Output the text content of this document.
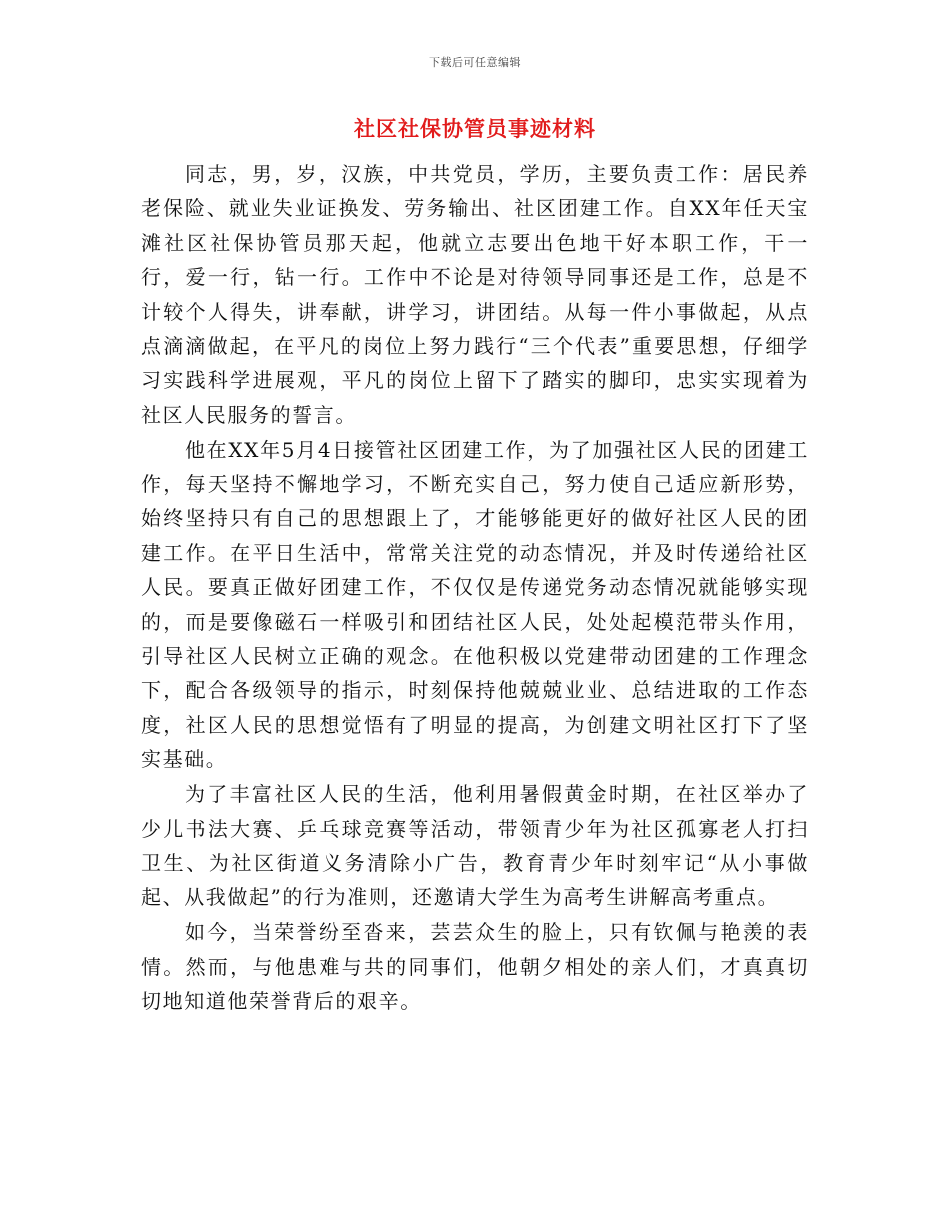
下载后可任意编辑
社区社保协管员事迹材料

同志，男，岁，汉族，中共党员，学历，主要负责工作：居民养老保险、就业失业证换发、劳务输出、社区团建工作。自XX年任天宝滩社区社保协管员那天起，他就立志要出色地干好本职工作，干一行，爱一行，钻一行。工作中不论是对待领导同事还是工作，总是不计较个人得失，讲奉献，讲学习，讲团结。从每一件小事做起，从点点滴滴做起，在平凡的岗位上努力践行“三个代表”重要思想，仔细学习实践科学进展观，平凡的岗位上留下了踏实的脚印，忠实实现着为社区人民服务的誓言。

他在XX年5月4日接管社区团建工作，为了加强社区人民的团建工作，每天坚持不懈地学习，不断充实自己，努力使自己适应新形势，始终坚持只有自己的思想跟上了，才能够能更好的做好社区人民的团建工作。在平日生活中，常常关注党的动态情况，并及时传递给社区人民。要真正做好团建工作，不仅仅是传递党务动态情况就能够实现的，而是要像磁石一样吸引和团结社区人民，处处起模范带头作用，引导社区人民树立正确的观念。在他积极以党建带动团建的工作理念下，配合各级领导的指示，时刻保持他兢兢业业、总结进取的工作态度，社区人民的思想觉悟有了明显的提高，为创建文明社区打下了坚实基础。

为了丰富社区人民的生活，他利用暑假黄金时期，在社区举办了少儿书法大赛、乒乓球竞赛等活动，带领青少年为社区孤寡老人打扫卫生、为社区街道义务清除小广告，教育青少年时刻牢记“从小事做起、从我做起”的行为准则，还邀请大学生为高考生讲解高考重点。

如今，当荣誉纷至沓来，芸芸众生的脸上，只有钦佩与艳羡的表情。然而，与他患难与共的同事们，他朝夕相处的亲人们，才真真切切地知道他荣誉背后的艰辛。
